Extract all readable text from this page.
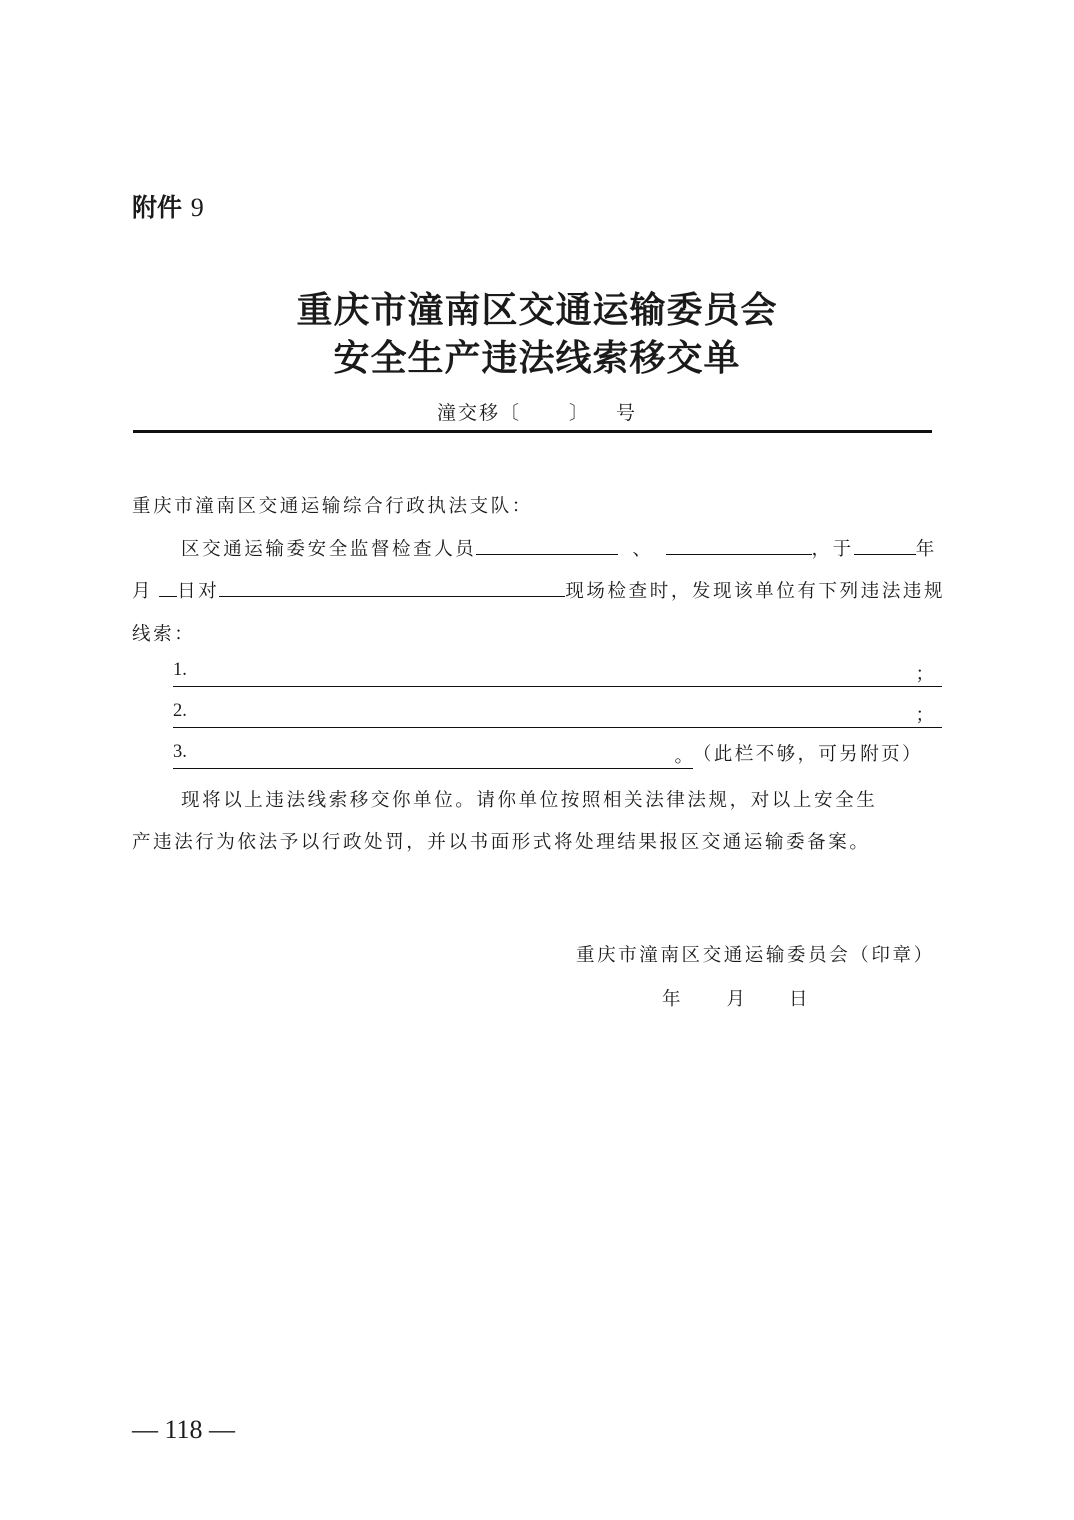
附件 9
重庆市潼南区交通运输委员会
安全生产违法线索移交单
潼交移〔	〕 号
重庆市潼南区交通运输综合行政执法支队：
区交通运输委安全监督检查人员	、	，于	年
月 日对	现场检查时，发现该单位有下列违法违规
线索：
1.	；
2.	；
3.	。 （此栏不够，可另附页）
现将以上违法线索移交你单位。请你单位按照相关法律法规，对以上安全生
产违法行为依法予以行政处罚，并以书面形式将处理结果报区交通运输委备案。
重庆市潼南区交通运输委员会（印章）
年 月 日
— 118 —
